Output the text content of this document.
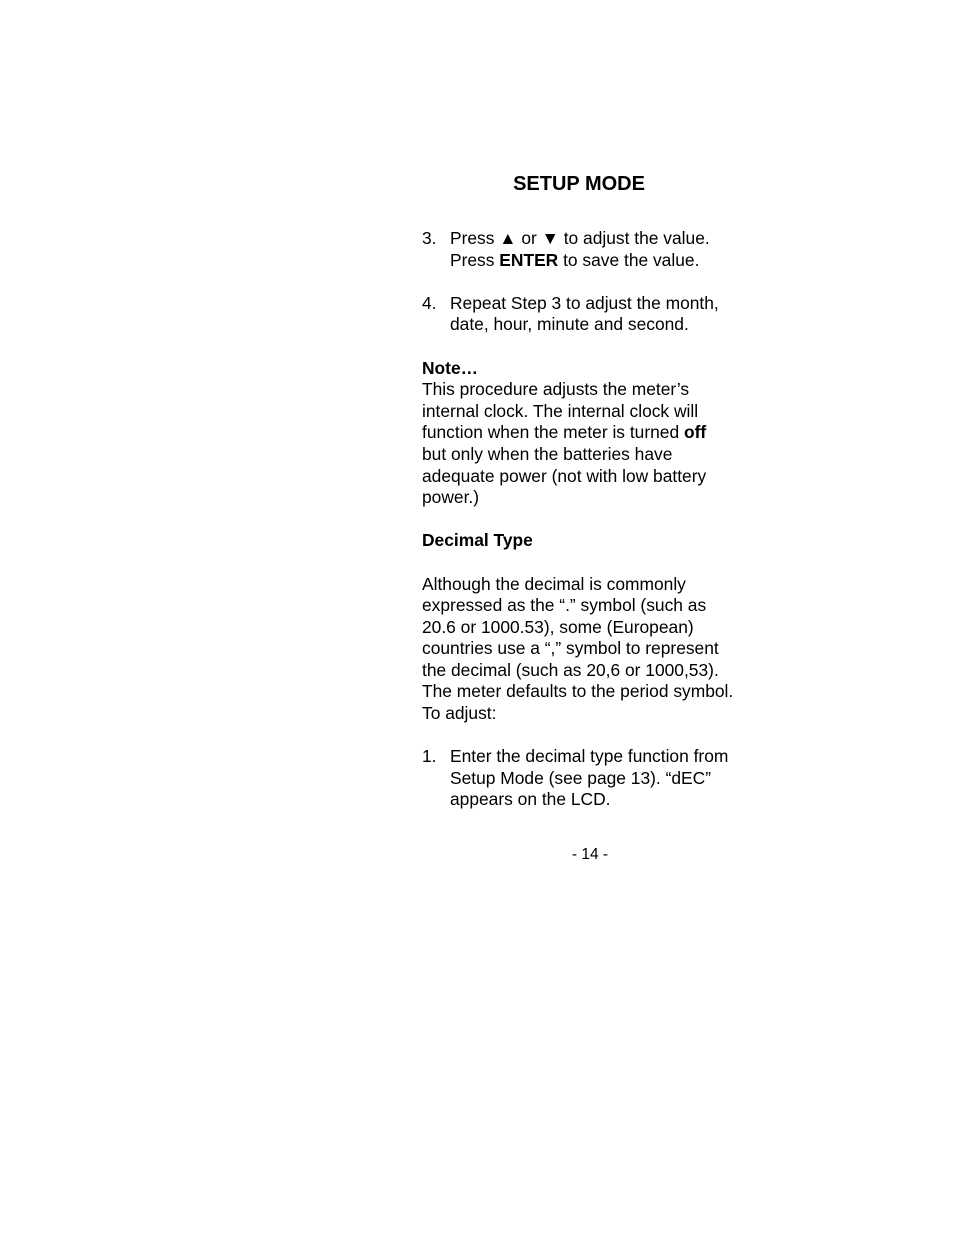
SETUP MODE
3. Press ▲ or ▼ to adjust the value.
Press ENTER to save the value.
4. Repeat Step 3 to adjust the month, date, hour, minute and second.

Note…

This procedure adjusts the meter’s internal clock. The internal clock will function when the meter is turned off but only when the batteries have adequate power (not with low battery power.)

Decimal Type

Although the decimal is commonly expressed as the “.” symbol (such as 20.6 or 1000.53), some (European) countries use a “,” symbol to represent the decimal (such as 20,6 or 1000,53). The meter defaults to the period symbol. To adjust:

1. Enter the decimal type function from Setup Mode (see page 13). “dEC” appears on the LCD.
- 14 -
